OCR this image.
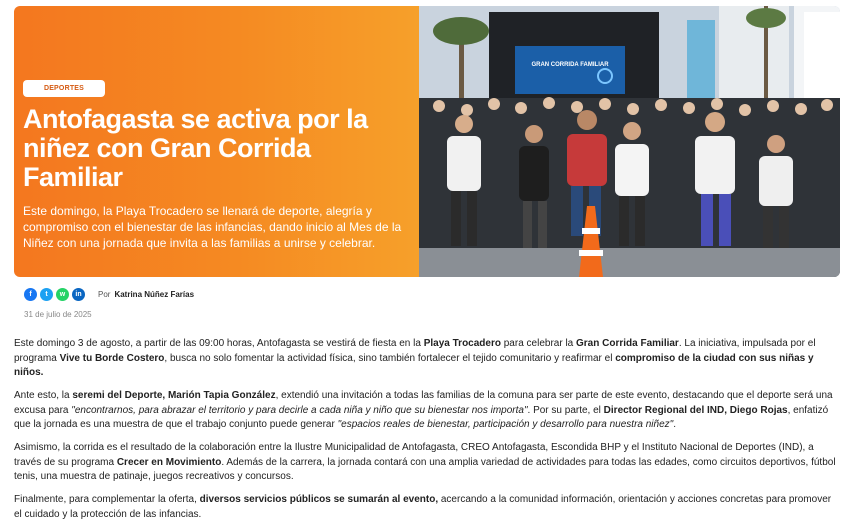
DEPORTES
Antofagasta se activa por la niñez con Gran Corrida Familiar

Este domingo, la Playa Trocadero se llenará de deporte, alegría y compromiso con el bienestar de las infancias, dando inicio al Mes de la Niñez con una jornada que invita a las familias a unirse y celebrar.

GRAN CORRIDA FAMILIAR
f	t	w	in	Por Katrina Núñez Farías
31 de julio de 2025

Este domingo 3 de agosto, a partir de las 09:00 horas, Antofagasta se vestirá de fiesta en la Playa Trocadero para celebrar la Gran Corrida Familiar. La iniciativa, impulsada por el programa Vive tu Borde Costero, busca no solo fomentar la actividad física, sino también fortalecer el tejido comunitario y reafirmar el compromiso de la ciudad con sus niñas y niños.

Ante esto, la seremi del Deporte, Marión Tapia González, extendió una invitación a todas las familias de la comuna para ser parte de este evento, destacando que el deporte será una excusa para "encontrarnos, para abrazar el territorio y para decirle a cada niña y niño que su bienestar nos importa". Por su parte, el Director Regional del IND, Diego Rojas, enfatizó que la jornada es una muestra de que el trabajo conjunto puede generar "espacios reales de bienestar, participación y desarrollo para nuestra niñez".

Asimismo, la corrida es el resultado de la colaboración entre la Ilustre Municipalidad de Antofagasta, CREO Antofagasta, Escondida BHP y el Instituto Nacional de Deportes (IND), a través de su programa Crecer en Movimiento. Además de la carrera, la jornada contará con una amplia variedad de actividades para todas las edades, como circuitos deportivos, fútbol tenis, una muestra de patinaje, juegos recreativos y concursos.

Finalmente, para complementar la oferta, diversos servicios públicos se sumarán al evento, acercando a la comunidad información, orientación y acciones concretas para promover el cuidado y la protección de las infancias.
